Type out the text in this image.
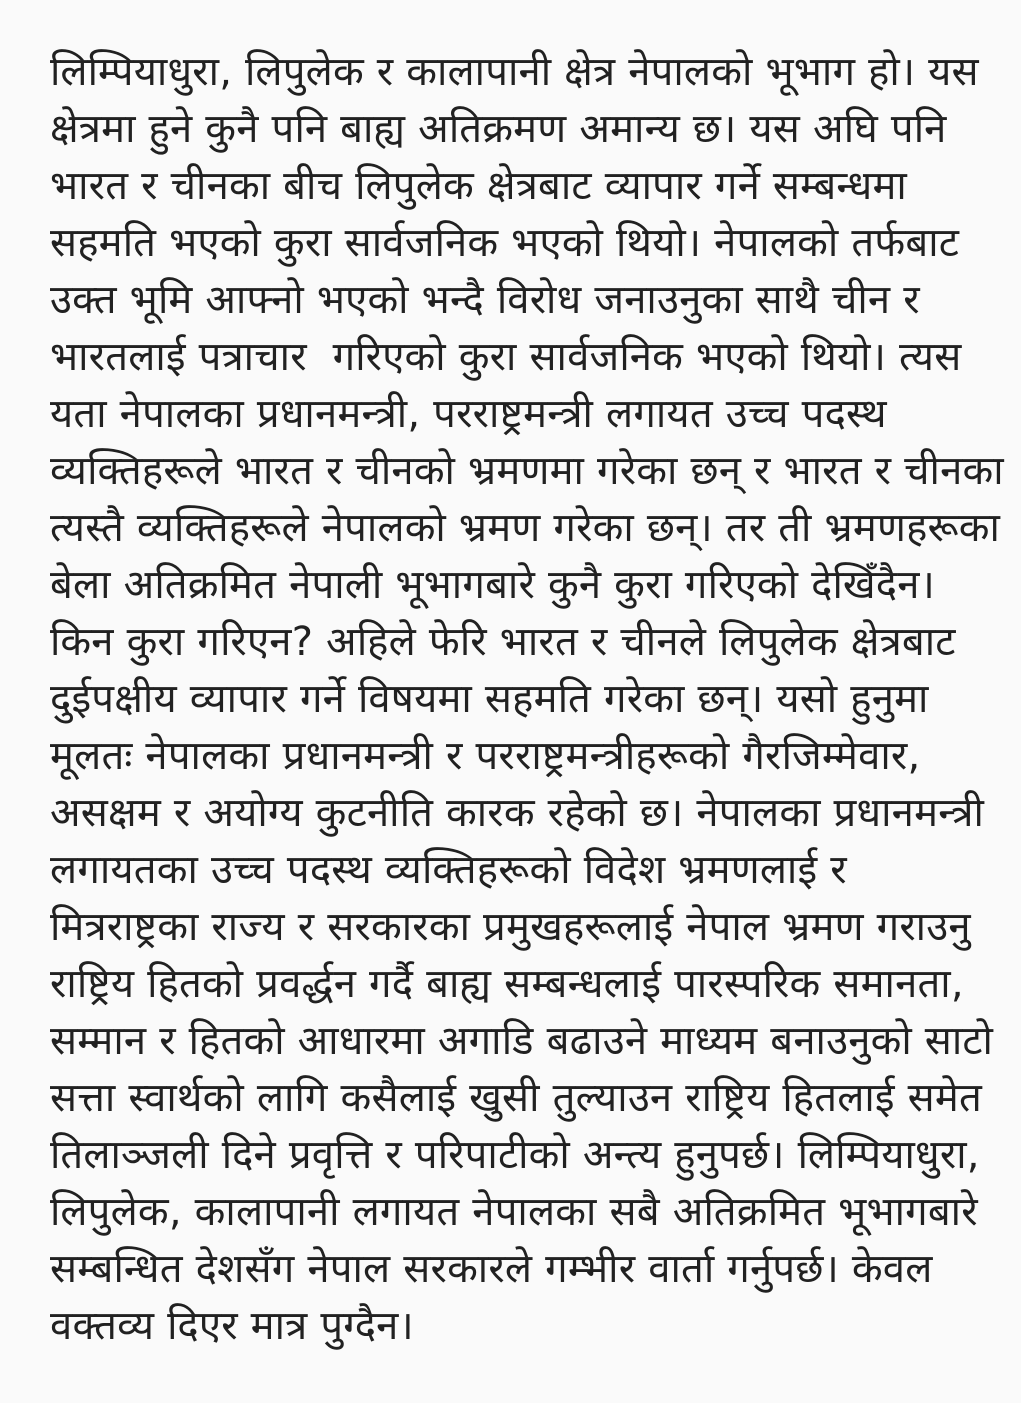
लिम्पियाधुरा, लिपुलेक र कालापानी क्षेत्र नेपालको भूभाग हो। यस
क्षेत्रमा हुने कुनै पनि बाह्य अतिक्रमण अमान्य छ। यस अघि पनि
भारत र चीनका बीच लिपुलेक क्षेत्रबाट व्यापार गर्ने सम्बन्धमा
सहमति भएको कुरा सार्वजनिक भएको थियो। नेपालको तर्फबाट
उक्त भूमि आफ्नो भएको भन्दै विरोध जनाउनुका साथै चीन र
भारतलाई पत्राचार  गरिएको कुरा सार्वजनिक भएको थियो। त्यस
यता नेपालका प्रधानमन्त्री, परराष्ट्रमन्त्री लगायत उच्च पदस्थ
व्यक्तिहरूले भारत र चीनको भ्रमणमा गरेका छन् र भारत र चीनका
त्यस्तै व्यक्तिहरूले नेपालको भ्रमण गरेका छन्। तर ती भ्रमणहरूका
बेला अतिक्रमित नेपाली भूभागबारे कुनै कुरा गरिएको देखिँदैन।
किन कुरा गरिएन? अहिले फेरि भारत र चीनले लिपुलेक क्षेत्रबाट
दुईपक्षीय व्यापार गर्ने विषयमा सहमति गरेका छन्। यसो हुनुमा
मूलतः नेपालका प्रधानमन्त्री र परराष्ट्रमन्त्रीहरूको गैरजिम्मेवार,
असक्षम र अयोग्य कुटनीति कारक रहेको छ। नेपालका प्रधानमन्त्री
लगायतका उच्च पदस्थ व्यक्तिहरूको विदेश भ्रमणलाई र
मित्रराष्ट्रका राज्य र सरकारका प्रमुखहरूलाई नेपाल भ्रमण गराउनु
राष्ट्रिय हितको प्रवर्द्धन गर्दै बाह्य सम्बन्धलाई पारस्परिक समानता,
सम्मान र हितको आधारमा अगाडि बढाउने माध्यम बनाउनुको साटो
सत्ता स्वार्थको लागि कसैलाई खुसी तुल्याउन राष्ट्रिय हितलाई समेत
तिलाञ्जली दिने प्रवृत्ति र परिपाटीको अन्त्य हुनुपर्छ। लिम्पियाधुरा,
लिपुलेक, कालापानी लगायत नेपालका सबै अतिक्रमित भूभागबारे
सम्बन्धित देशसँग नेपाल सरकारले गम्भीर वार्ता गर्नुपर्छ। केवल
वक्तव्य दिएर मात्र पुग्दैन।
